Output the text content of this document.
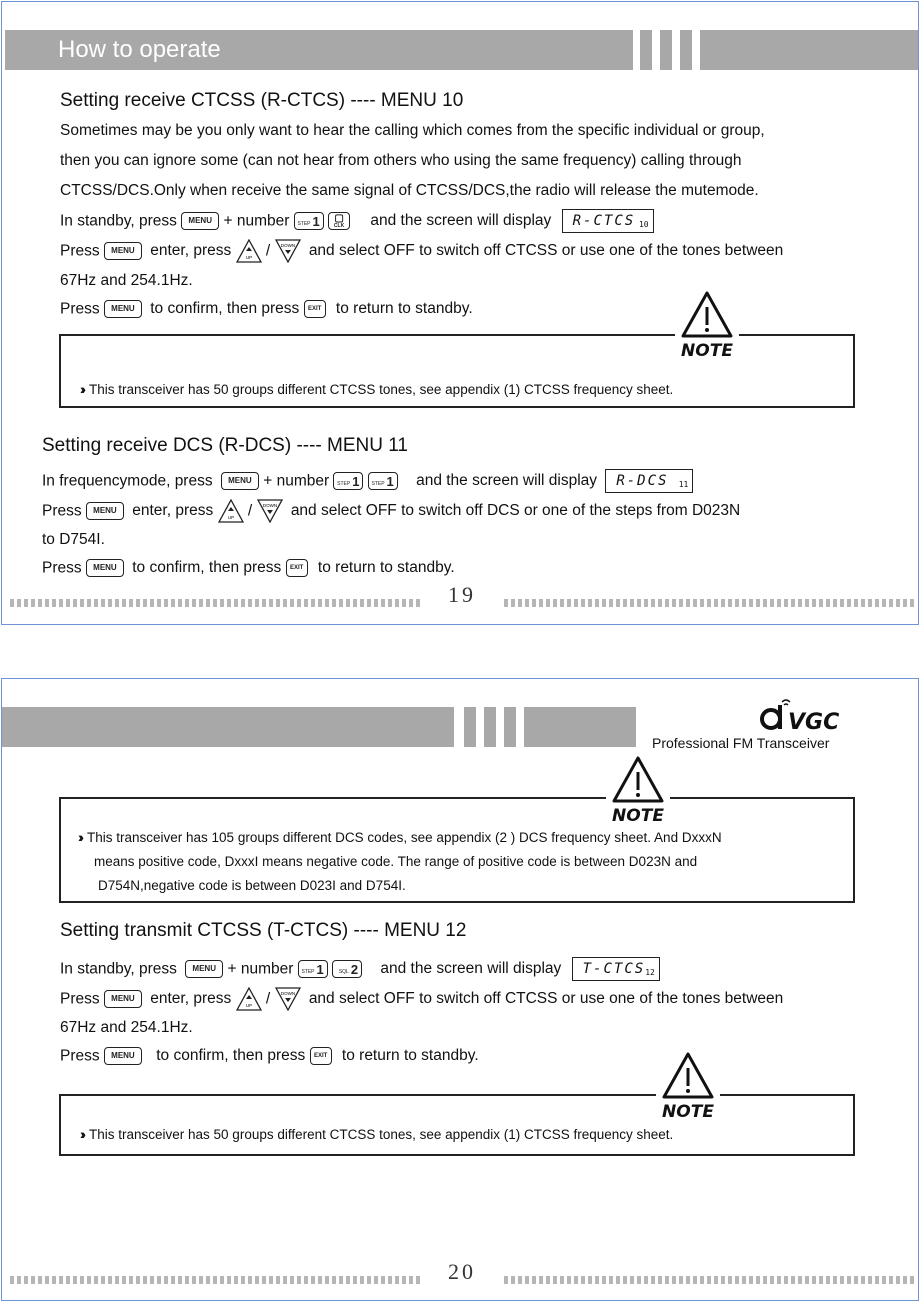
How to operate
Setting receive CTCSS (R-CTCS) ---- MENU 10
Sometimes may be you only want to hear the calling which comes from the specific individual or group,
then you can ignore some (can not hear from others who using the same frequency) calling through
CTCSS/DCS.Only when receive the same signal of CTCSS/DCS,the radio will release the mutemode.
In standby, press MENU + number STEP 1
▢
CLK and the screen will display	R-CTCS 10
Press MENU enter, press	UP / DOWN and select OFF to switch off CTCSS or use one of the tones between
67Hz and 254.1Hz.
Press MENU to confirm, then press EXIT to return to standby.
NOTE
›› This transceiver has 50 groups different CTCSS tones, see appendix (1) CTCSS frequency sheet.
Setting receive DCS (R-DCS) ---- MENU 11
In frequencymode, press MENU + number STEP 1
STEP 1 and the screen will display	R-DCS	11
Press MENU enter, press	UP / DOWN and select OFF to switch off DCS or one of the steps from D023N
to D754I.
Press MENU to confirm, then press EXIT to return to standby.
19
VGC
Professional FM Transceiver
NOTE
›› This transceiver has 105 groups different DCS codes, see appendix (2 ) DCS frequency sheet. And DxxxN
means positive code, DxxxI means negative code. The range of positive code is between D023N and
D754N,negative code is between D023I and D754I.
Setting transmit CTCSS (T-CTCS) ---- MENU 12
In standby, press MENU + number STEP 1
	SQL 2 and the screen will display	T-CTCS 12
Press MENU enter, press	UP / DOWN and select OFF to switch off CTCSS or use one of the tones between
67Hz and 254.1Hz.
Press MENU to confirm, then press EXIT to return to standby.
NOTE
›› This transceiver has 50 groups different CTCSS tones, see appendix (1) CTCSS frequency sheet.
20
